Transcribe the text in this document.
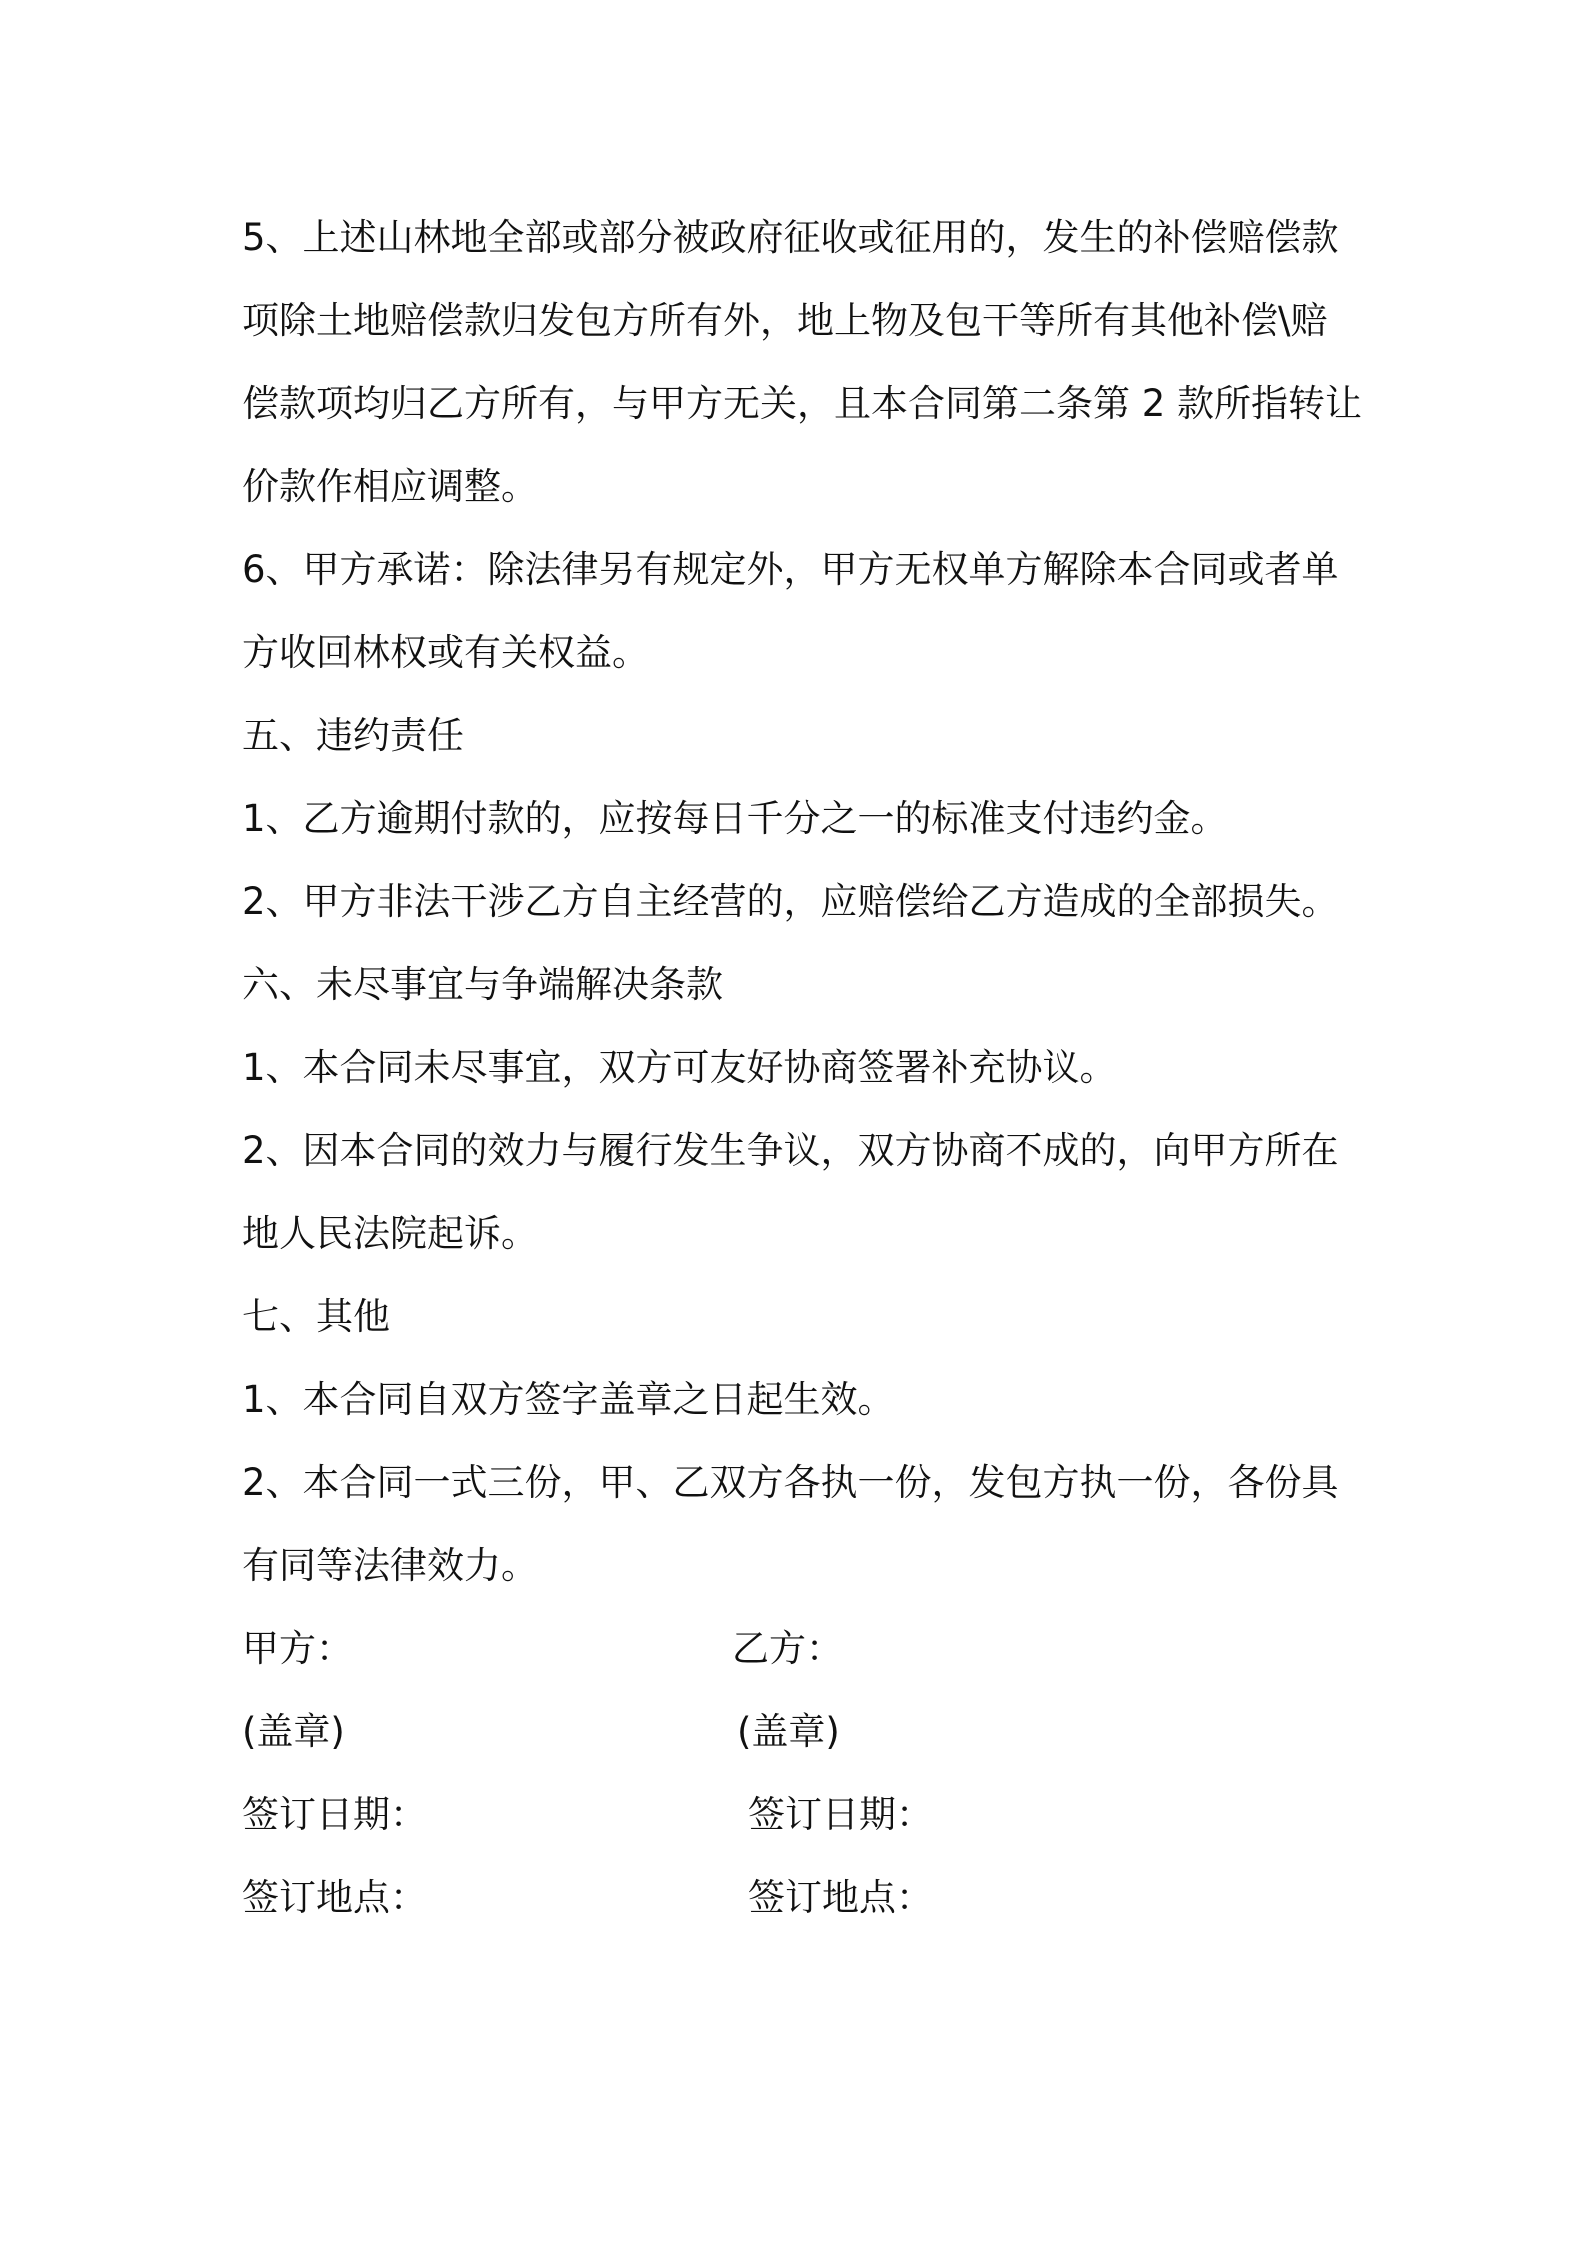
5、上述山林地全部或部分被政府征收或征用的，发生的补偿赔偿款
项除土地赔偿款归发包方所有外，地上物及包干等所有其他补偿\赔
偿款项均归乙方所有，与甲方无关，且本合同第二条第 2 款所指转让
价款作相应调整。
6、甲方承诺：除法律另有规定外，甲方无权单方解除本合同或者单
方收回林权或有关权益。
五、违约责任
1、乙方逾期付款的，应按每日千分之一的标准支付违约金。
2、甲方非法干涉乙方自主经营的，应赔偿给乙方造成的全部损失。
六、未尽事宜与争端解决条款
1、本合同未尽事宜，双方可友好协商签署补充协议。
2、因本合同的效力与履行发生争议，双方协商不成的，向甲方所在
地人民法院起诉。
七、其他
1、本合同自双方签字盖章之日起生效。
2、本合同一式三份，甲、乙双方各执一份，发包方执一份，各份具
有同等法律效力。
甲方：	乙方：
(盖章)	(盖章)
签订日期：	签订日期：
签订地点：	签订地点：
